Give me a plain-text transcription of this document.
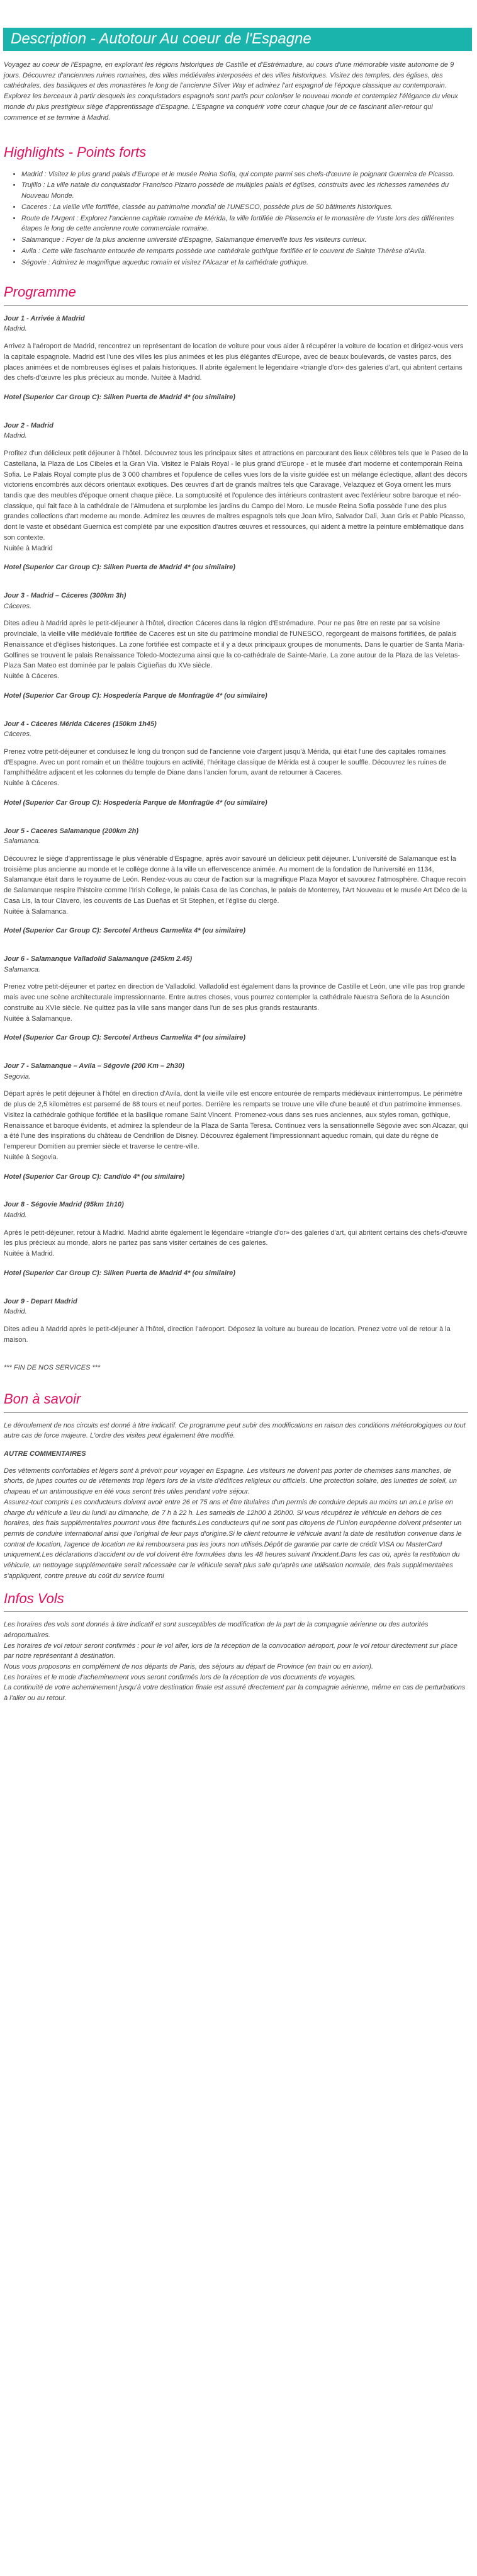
Description - Autotour Au coeur de l'Espagne

Voyagez au coeur de l'Espagne, en explorant les régions historiques de Castille et d'Estrémadure, au cours d'une mémorable visite autonome de 9 jours. Découvrez d'anciennes ruines romaines, des villes médiévales interposées et des villes historiques. Visitez des temples, des églises, des cathédrales, des basiliques et des monastères le long de l'ancienne Silver Way et admirez l'art espagnol de l'époque classique au contemporain. Explorez les berceaux à partir desquels les conquistadors espagnols sont partis pour coloniser le nouveau monde et contemplez l'élégance du vieux monde du plus prestigieux siège d'apprentissage d'Espagne. L'Espagne va conquérir votre cœur chaque jour de ce fascinant aller-retour qui commence et se termine à Madrid.

Highlights - Points forts
• Madrid : Visitez le plus grand palais d'Europe et le musée Reina Sofía, qui compte parmi ses chefs-d'œuvre le poignant Guernica de Picasso.
• Trujillo : La ville natale du conquistador Francisco Pizarro possède de multiples palais et églises, construits avec les richesses ramenées du Nouveau Monde.
• Caceres : La vieille ville fortifiée, classée au patrimoine mondial de l'UNESCO, possède plus de 50 bâtiments historiques.
• Route de l'Argent : Explorez l'ancienne capitale romaine de Mérida, la ville fortifiée de Plasencia et le monastère de Yuste lors des différentes étapes le long de cette ancienne route commerciale romaine.
• Salamanque : Foyer de la plus ancienne université d'Espagne, Salamanque émerveille tous les visiteurs curieux.
• Avila : Cette ville fascinante entourée de remparts possède une cathédrale gothique fortifiée et le couvent de Sainte Thérèse d'Avila.
• Ségovie : Admirez le magnifique aqueduc romain et visitez l'Alcazar et la cathédrale gothique.
Programme
Jour 1 - Arrivée à Madrid
Madrid.
Arrivez à l'aéroport de Madrid, rencontrez un représentant de location de voiture pour vous aider à récupérer la voiture de location et dirigez-vous vers la capitale espagnole. Madrid est l'une des villes les plus animées et les plus élégantes d'Europe, avec de beaux boulevards, de vastes parcs, des places animées et de nombreuses églises et palais historiques. Il abrite également le légendaire «triangle d'or» des galeries d'art, qui abritent certains des chefs-d'œuvre les plus précieux au monde. Nuitée à Madrid.
Hotel (Superior Car Group C): Silken Puerta de Madrid 4* (ou similaire)
Jour 2 - Madrid
Madrid.
Profitez d'un délicieux petit déjeuner à l'hôtel. Découvrez tous les principaux sites et attractions en parcourant des lieux célèbres tels que le Paseo de la Castellana, la Plaza de Los Cibeles et la Gran Vía. Visitez le Palais Royal - le plus grand d'Europe - et le musée d'art moderne et contemporain Reina Sofia. Le Palais Royal compte plus de 3 000 chambres et l'opulence de celles vues lors de la visite guidée est un mélange éclectique, allant des décors victoriens encombrés aux décors orientaux exotiques. Des œuvres d'art de grands maîtres tels que Caravage, Velazquez et Goya ornent les murs tandis que des meubles d'époque ornent chaque pièce. La somptuosité et l'opulence des intérieurs contrastent avec l'extérieur sobre baroque et néo-classique, qui fait face à la cathédrale de l'Almudena et surplombe les jardins du Campo del Moro. Le musée Reina Sofia possède l'une des plus grandes collections d'art moderne au monde. Admirez les œuvres de maîtres espagnols tels que Joan Miro, Salvador Dali, Juan Gris et Pablo Picasso, dont le vaste et obsédant Guernica est complété par une exposition d'autres œuvres et ressources, qui aident à mettre la peinture emblématique dans son contexte.
Nuitée à Madrid
Hotel (Superior Car Group C): Silken Puerta de Madrid 4* (ou similaire)
Jour 3 - Madrid – Cáceres (300km 3h)
Cáceres.
Dites adieu à Madrid après le petit-déjeuner à l'hôtel, direction Cáceres dans la région d'Estrémadure. Pour ne pas être en reste par sa voisine provinciale, la vieille ville médiévale fortifiée de Caceres est un site du patrimoine mondial de l'UNESCO, regorgeant de maisons fortifiées, de palais Renaissance et d'églises historiques. La zone fortifiée est compacte et il y a deux principaux groupes de monuments. Dans le quartier de Santa Maria-Golfines se trouvent le palais Renaissance Toledo-Moctezuma ainsi que la co-cathédrale de Sainte-Marie. La zone autour de la Plaza de las Veletas-Plaza San Mateo est dominée par le palais Cigüeñas du XVe siècle.
Nuitée à Cáceres.
Hotel (Superior Car Group C): Hospedería Parque de Monfragüe 4* (ou similaire)
Jour 4 - Cáceres Mérida Cáceres (150km 1h45)
Cáceres.
Prenez votre petit-déjeuner et conduisez le long du tronçon sud de l'ancienne voie d'argent jusqu'à Mérida, qui était l'une des capitales romaines d'Espagne. Avec un pont romain et un théâtre toujours en activité, l'héritage classique de Mérida est à couper le souffle. Découvrez les ruines de l'amphithéâtre adjacent et les colonnes du temple de Diane dans l'ancien forum, avant de retourner à Caceres.
Nuitée à Cáceres.
Hotel (Superior Car Group C): Hospedería Parque de Monfragüe 4* (ou similaire)
Jour 5 - Caceres Salamanque (200km 2h)
Salamanca.
Découvrez le siège d'apprentissage le plus vénérable d'Espagne, après avoir savouré un délicieux petit déjeuner. L'université de Salamanque est la troisième plus ancienne au monde et le collège donne à la ville un effervescence animée. Au moment de la fondation de l'université en 1134, Salamanque était dans le royaume de León. Rendez-vous au cœur de l'action sur la magnifique Plaza Mayor et savourez l'atmosphère. Chaque recoin de Salamanque respire l'histoire comme l'Irish College, le palais Casa de las Conchas, le palais de Monterrey, l'Art Nouveau et le musée Art Déco de la Casa Lis, la tour Clavero, les couvents de Las Dueñas et St Stephen, et l'église du clergé.
Nuitée à Salamanca.
Hotel (Superior Car Group C): Sercotel Artheus Carmelita 4* (ou similaire)
Jour 6 - Salamanque Valladolid Salamanque (245km 2.45)
Salamanca.
Prenez votre petit-déjeuner et partez en direction de Valladolid. Valladolid est également dans la province de Castille et León, une ville pas trop grande mais avec une scène architecturale impressionnante. Entre autres choses, vous pourrez contempler la cathédrale Nuestra Señora de la Asunción construite au XVIe siècle. Ne quittez pas la ville sans manger dans l'un de ses plus grands restaurants.
Nuitée à Salamanque.
Hotel (Superior Car Group C): Sercotel Artheus Carmelita 4* (ou similaire)
Jour 7 - Salamanque – Avila – Ségovie (200 Km – 2h30)
Segovia.
Départ après le petit déjeuner à l'hôtel en direction d'Avila, dont la vieille ville est encore entourée de remparts médiévaux ininterrompus. Le périmètre de plus de 2,5 kilomètres est parsemé de 88 tours et neuf portes. Derrière les remparts se trouve une ville d'une beauté et d'un patrimoine immenses. Visitez la cathédrale gothique fortifiée et la basilique romane Saint Vincent. Promenez-vous dans ses rues anciennes, aux styles roman, gothique, Renaissance et baroque évidents, et admirez la splendeur de la Plaza de Santa Teresa. Continuez vers la sensationnelle Ségovie avec son Alcazar, qui a été l'une des inspirations du château de Cendrillon de Disney. Découvrez également l'impressionnant aqueduc romain, qui date du règne de l'empereur Domitien au premier siècle et traverse le centre-ville.
Nuitée à Segovia.
Hotel (Superior Car Group C): Candido 4* (ou similaire)
Jour 8 - Ségovie Madrid (95km 1h10)
Madrid.
Après le petit-déjeuner, retour à Madrid. Madrid abrite également le légendaire «triangle d'or» des galeries d'art, qui abritent certains des chefs-d'œuvre les plus précieux au monde, alors ne partez pas sans visiter certaines de ces galeries.
Nuitée à Madrid.
Hotel (Superior Car Group C): Silken Puerta de Madrid 4* (ou similaire)
Jour 9 - Depart Madrid
Madrid.
Dites adieu à Madrid après le petit-déjeuner à l'hôtel, direction l'aéroport. Déposez la voiture au bureau de location. Prenez votre vol de retour à la maison.

*** FIN DE NOS SERVICES ***

Bon à savoir

Le déroulement de nos circuits est donné à titre indicatif. Ce programme peut subir des modifications en raison des conditions météorologiques ou tout autre cas de force majeure. L'ordre des visites peut également être modifié.

AUTRE COMMENTAIRES

Des vêtements confortables et légers sont à prévoir pour voyager en Espagne. Les visiteurs ne doivent pas porter de chemises sans manches, de shorts, de jupes courtes ou de vêtements trop légers lors de la visite d'édifices religieux ou officiels. Une protection solaire, des lunettes de soleil, un chapeau et un antimoustique en été vous seront très utiles pendant votre séjour.
Assurez-tout compris Les conducteurs doivent avoir entre 26 et 75 ans et être titulaires d'un permis de conduire depuis au moins un an.Le prise en charge du véhicule a lieu du lundi au dimanche, de 7 h à 22 h. Les samedis de 12h00 à 20h00. Si vous récupérez le véhicule en dehors de ces horaires, des frais supplémentaires pourront vous être facturés.Les conducteurs qui ne sont pas citoyens de l'Union européenne doivent présenter un permis de conduire international ainsi que l'original de leur pays d'origine.Si le client retourne le véhicule avant la date de restitution convenue dans le contrat de location, l'agence de location ne lui remboursera pas les jours non utilisés.Dépôt de garantie par carte de crédit VISA ou MasterCard uniquement.Les déclarations d'accident ou de vol doivent être formulées dans les 48 heures suivant l'incident.Dans les cas où, après la restitution du véhicule, un nettoyage supplémentaire serait nécessaire car le véhicule serait plus sale qu'après une utilisation normale, des frais supplémentaires s'appliquent, contre preuve du coût du service fourni

Infos Vols

Les horaires des vols sont donnés à titre indicatif et sont susceptibles de modification de la part de la compagnie aérienne ou des autorités aéroportuaires.

Les horaires de vol retour seront confirmés : pour le vol aller, lors de la réception de la convocation aéroport, pour le vol retour directement sur place par notre représentant à destination.

Nous vous proposons en complément de nos départs de Paris, des séjours au départ de Province (en train ou en avion).

Les horaires et le mode d'acheminement vous seront confirmés lors de la réception de vos documents de voyages.

La continuité de votre acheminement jusqu'à votre destination finale est assuré directement par la compagnie aérienne, même en cas de perturbations à l'aller ou au retour.
